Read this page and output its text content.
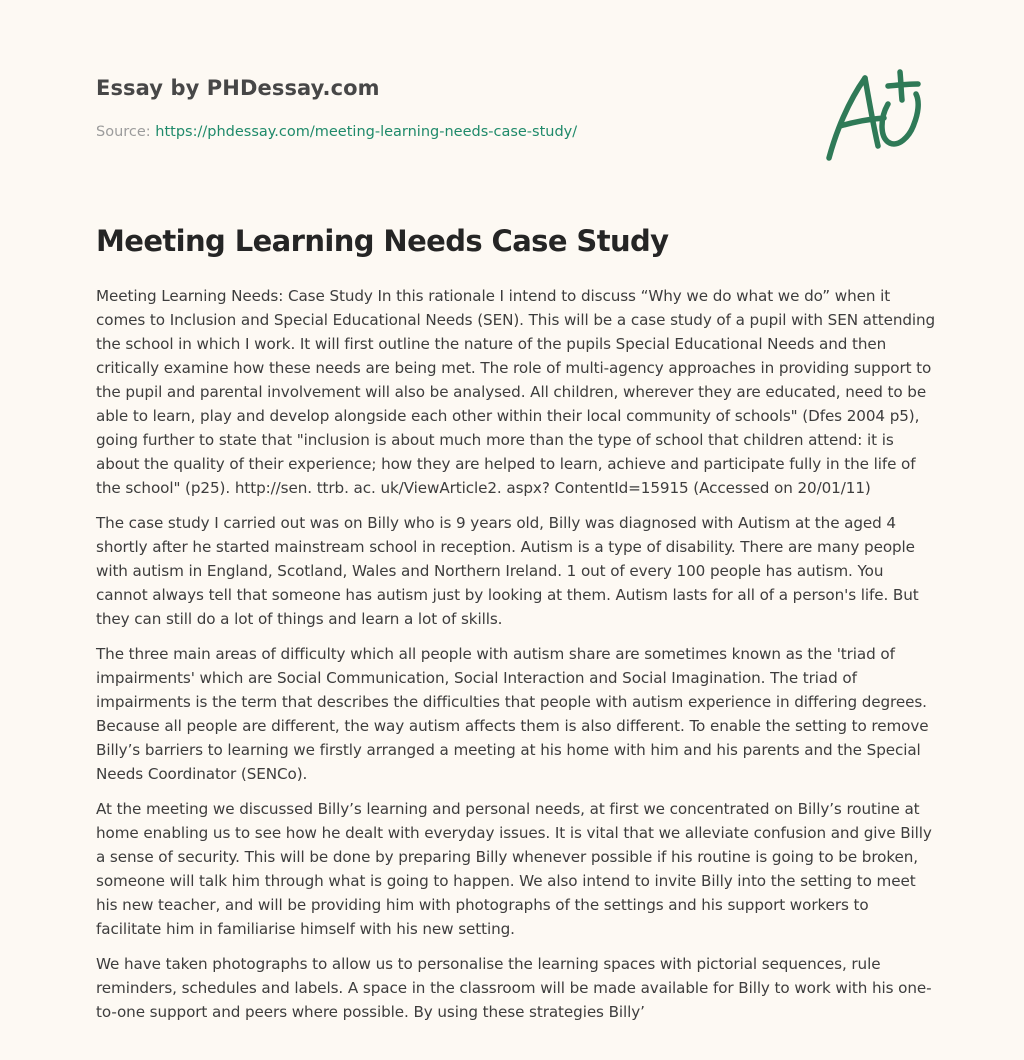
Essay by PHDessay.com

Source: https://phdessay.com/meeting-learning-needs-case-study/

Meeting Learning Needs Case Study

Meeting Learning Needs: Case Study In this rationale I intend to discuss “Why we do what we do” when it comes to Inclusion and Special Educational Needs (SEN). This will be a case study of a pupil with SEN attending the school in which I work. It will first outline the nature of the pupils Special Educational Needs and then critically examine how these needs are being met. The role of multi-agency approaches in providing support to the pupil and parental involvement will also be analysed. All children, wherever they are educated, need to be able to learn, play and develop alongside each other within their local community of schools" (Dfes 2004 p5), going further to state that "inclusion is about much more than the type of school that children attend: it is about the quality of their experience; how they are helped to learn, achieve and participate fully in the life of the school" (p25). http://sen. ttrb. ac. uk/ViewArticle2. aspx? ContentId=15915 (Accessed on 20/01/11)

The case study I carried out was on Billy who is 9 years old, Billy was diagnosed with Autism at the aged 4 shortly after he started mainstream school in reception. Autism is a type of disability. There are many people with autism in England, Scotland, Wales and Northern Ireland. 1 out of every 100 people has autism. You cannot always tell that someone has autism just by looking at them. Autism lasts for all of a person's life. But they can still do a lot of things and learn a lot of skills.

The three main areas of difficulty which all people with autism share are sometimes known as the 'triad of impairments' which are Social Communication, Social Interaction and Social Imagination. The triad of impairments is the term that describes the difficulties that people with autism experience in differing degrees. Because all people are different, the way autism affects them is also different. To enable the setting to remove Billy’s barriers to learning we firstly arranged a meeting at his home with him and his parents and the Special Needs Coordinator (SENCo).

At the meeting we discussed Billy’s learning and personal needs, at first we concentrated on Billy’s routine at home enabling us to see how he dealt with everyday issues. It is vital that we alleviate confusion and give Billy a sense of security. This will be done by preparing Billy whenever possible if his routine is going to be broken, someone will talk him through what is going to happen. We also intend to invite Billy into the setting to meet his new teacher, and will be providing him with photographs of the settings and his support workers to facilitate him in familiarise himself with his new setting.

We have taken photographs to allow us to personalise the learning spaces with pictorial sequences, rule reminders, schedules and labels. A space in the classroom will be made available for Billy to work with his one-to-one support and peers where possible. By using these strategies Billy’
